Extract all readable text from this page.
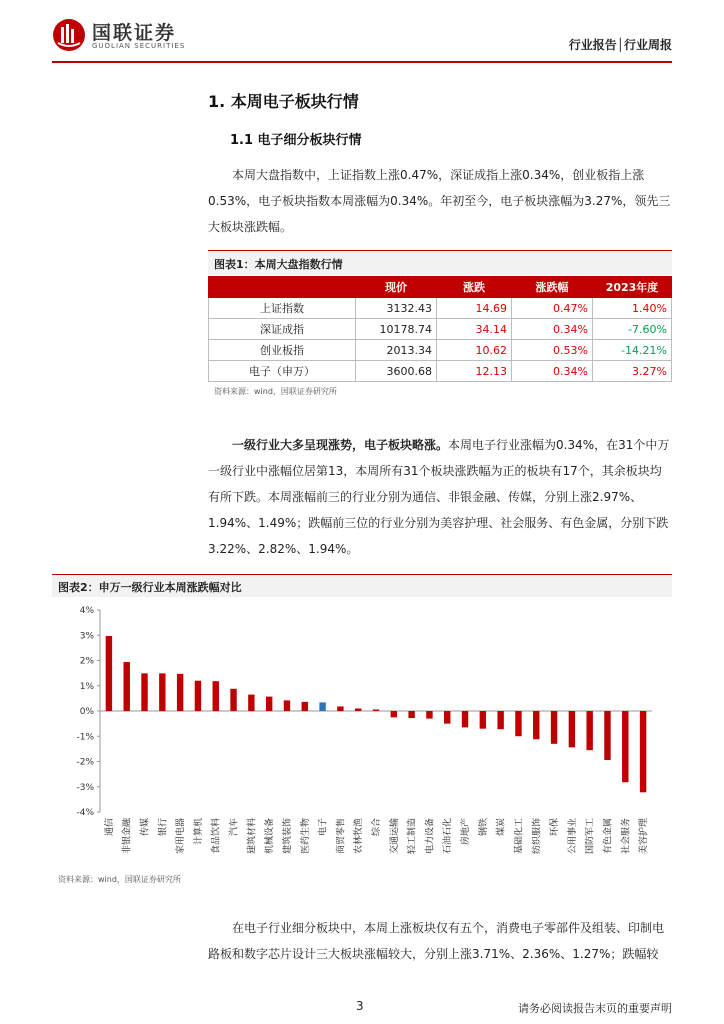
国联证券
GUOLIAN SECURITIES	行业报告│行业周报
1. 本周电子板块行情
1.1 电子细分板块行情
本周大盘指数中，上证指数上涨0.47%，深证成指上涨0.34%，创业板指上涨0.53%，电子板块指数本周涨幅为0.34%。年初至今，电子板块涨幅为3.27%，领先三大板块涨跌幅。
图表1：本周大盘指数行情
	现价	涨跌	涨跌幅	2023年度
上证指数	3132.43	14.69	0.47%	1.40%
深证成指	10178.74	34.14	0.34%	-7.60%
创业板指	2013.34	10.62	0.53%	-14.21%
电子（申万）	3600.68	12.13	0.34%	3.27%
资料来源：wind，国联证券研究所
一级行业大多呈现涨势，电子板块略涨。本周电子行业涨幅为0.34%，在31个中万一级行业中涨幅位居第13，本周所有31个板块涨跌幅为正的板块有17个，其余板块均有所下跌。本周涨幅前三的行业分别为通信、非银金融、传媒，分别上涨2.97%、1.94%、1.49%；跌幅前三位的行业分别为美容护理、社会服务、有色金属，分别下跌3.22%、2.82%、1.94%。
图表2：申万一级行业本周涨跌幅对比
4%
3%
2%
1%
0%
-1%
-2%
-3%
-4%
通信 非银金融 传媒 银行 家用电器 计算机 食品饮料 汽车 建筑材料 机械设备 建筑装饰 医药生物 电子 商贸零售 农林牧渔 综合 交通运输 轻工制造 电力设备 石油石化 房地产 钢铁 煤炭 基础化工 纺织服饰 环保 公用事业 国防军工 有色金属 社会服务 美容护理
资料来源：wind，国联证券研究所
在电子行业细分板块中，本周上涨板块仅有五个，消费电子零部件及组装、印制电路板和数字芯片设计三大板块涨幅较大，分别上涨3.71%、2.36%、1.27%；跌幅较
3	请务必阅读报告末页的重要声明
